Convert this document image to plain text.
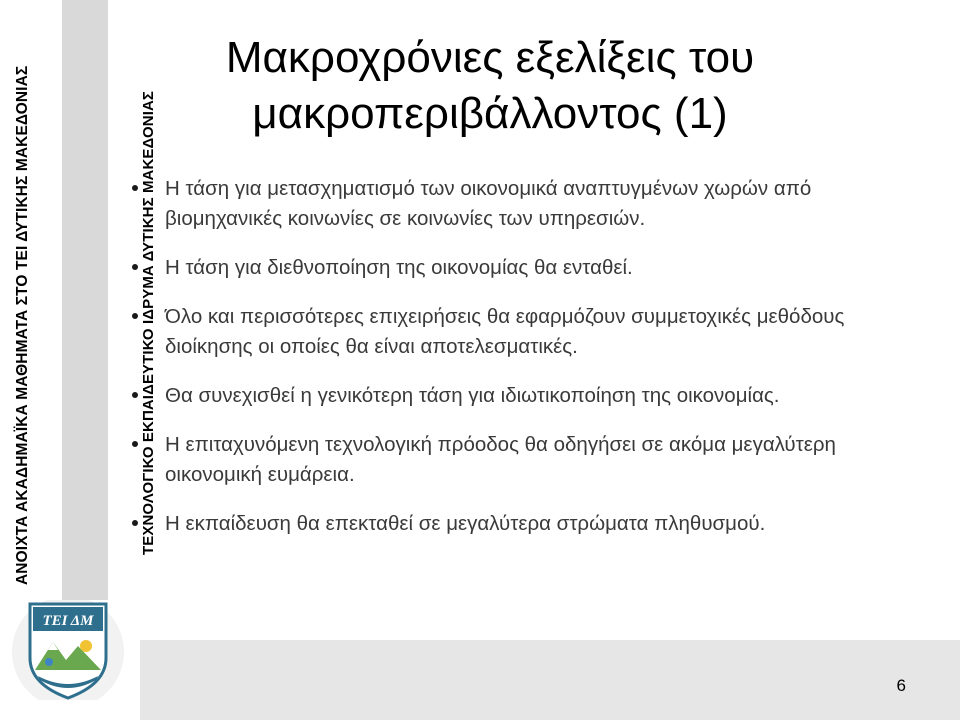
ΑΝΟΙΧΤΑ ΑΚΑΔΗΜΑΪΚΑ ΜΑΘΗΜΑΤΑ ΣΤΟ ΤΕΙ ΔΥΤΙΚΗΣ ΜΑΚΕΔΟΝΙΑΣ	ΤΕΧΝΟΛΟΓΙΚΟ ΕΚΠΑΙΔΕΥΤΙΚΟ ΙΔΡΥΜΑ ΔΥΤΙΚΗΣ ΜΑΚΕΔΟΝΙΑΣ
ΤΕΙ ΔΜ
Μακροχρόνιες εξελίξεις του
μακροπεριβάλλοντος (1)
Η τάση για μετασχηματισμό των οικονομικά αναπτυγμένων χωρών από βιομηχανικές κοινωνίες σε κοινωνίες των υπηρεσιών.
Η τάση για διεθνοποίηση της οικονομίας θα ενταθεί.
Όλο και περισσότερες επιχειρήσεις θα εφαρμόζουν συμμετοχικές μεθόδους διοίκησης οι οποίες θα είναι αποτελεσματικές.
Θα συνεχισθεί η γενικότερη τάση για ιδιωτικοποίηση της οικονομίας.
Η επιταχυνόμενη τεχνολογική πρόοδος θα οδηγήσει σε ακόμα μεγαλύτερη οικονομική ευμάρεια.
Η εκπαίδευση θα επεκταθεί σε μεγαλύτερα στρώματα πληθυσμού.
6
